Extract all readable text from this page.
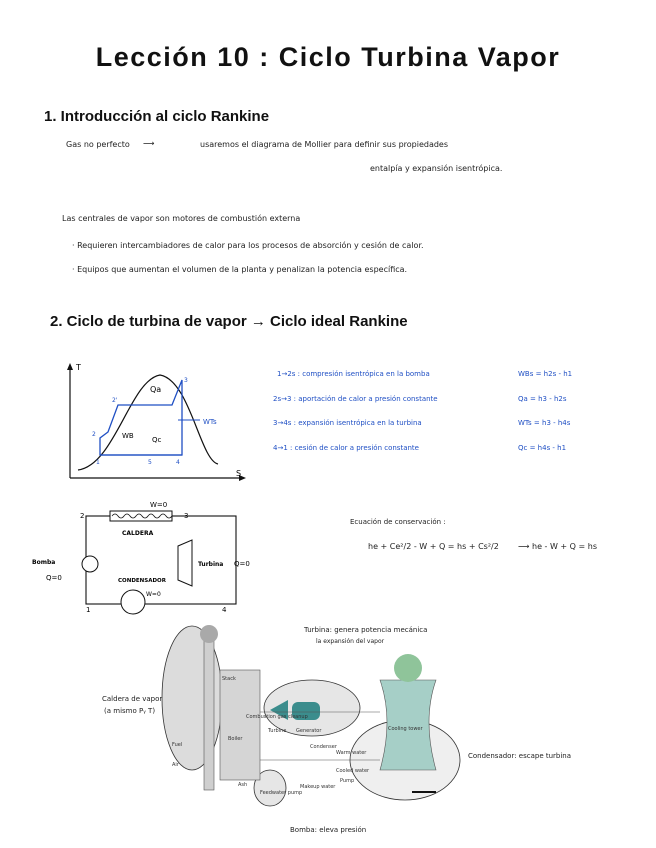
Lección 10 : Ciclo Turbina Vapor
1. Introducción al ciclo Rankine
Gas no perfecto ⟶	usaremos el diagrama de Mollier para definir sus propiedades
entalpía y expansión isentrópica.
Las centrales de vapor son motores de combustión externa
· Requieren intercambiadores de calor para los procesos de absorción y cesión de calor.
· Equipos que aumentan el volumen de la planta y penalizan la potencia específica.
2. Ciclo de turbina de vapor → Ciclo ideal Rankine
T
S
Qa
Qc
WB
WTs
1
2
2'
3
4
5
1→2s : compresión isentrópica en la bomba	WBs = h2s - h1
2s→3 : aportación de calor a presión constante	Qa = h3 - h2s
3→4s : expansión isentrópica en la turbina	WTs = h3 - h4s
4→1 : cesión de calor a presión constante	Qc = h4s - h1
W=0
CALDERA
Bomba
Q=0
Turbina Q=0
CONDENSADOR
W=0
1
2	3
4
Ecuación de conservación :
he + Ce²/2 - W + Q = hs + Cs²/2 ⟶ he - W + Q = hs
Stack
Boiler
Fuel
Air
Ash
Turbine Generator
Condenser
Warm water
Cooled water
Pump
Makeup water
Feedwater pump
Cooling tower
Combustion gas cleanup
Turbina: genera potencia mecánica
la expansión del vapor
Caldera de vapor
(a mismo Pᵧ T)
Condensador: escape turbina
Bomba: eleva presión
